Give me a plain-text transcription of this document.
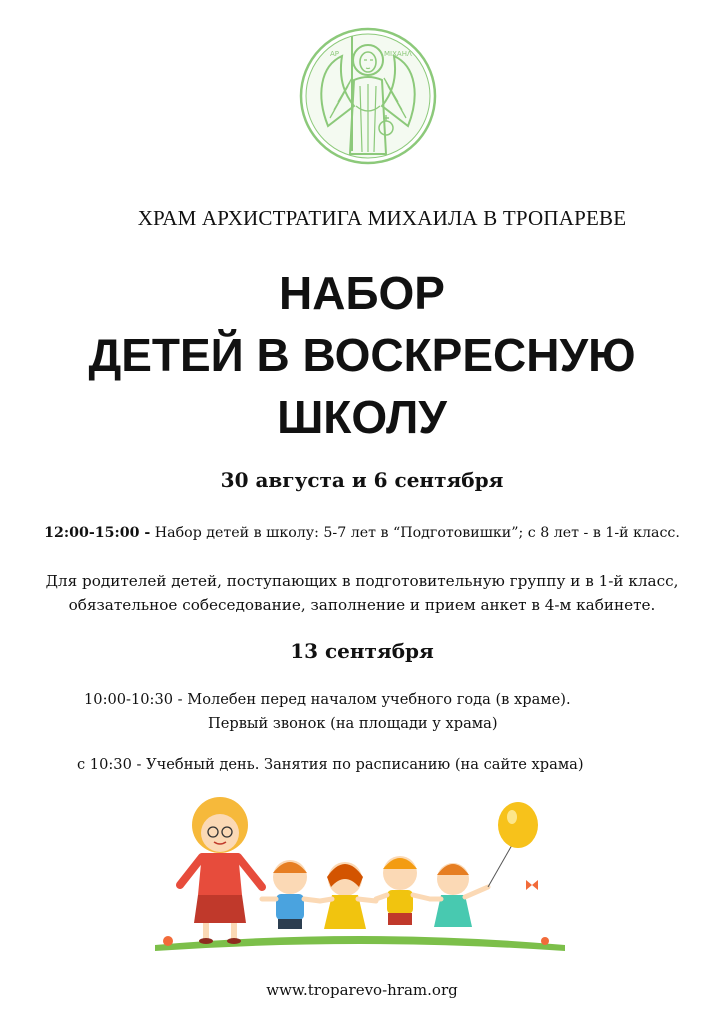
ΑΡ	ΜΙΧΑΗΛ
ХРАМ АРХИСТРАТИГА МИХАИЛА В ТРОПАРЕВЕ
НАБОР
ДЕТЕЙ В ВОСКРЕСНУЮ
ШКОЛУ
30 августа и 6 сентября
12:00-15:00 - Набор детей в школу: 5-7 лет в “Подготовишки”; с 8 лет - в 1-й класс.
Для родителей детей, поступающих в подготовительную группу и в 1-й класс,
обязательное собеседование, заполнение и прием анкет в 4-м кабинете.
13 сентября
10:00-10:30 - Молебен перед началом учебного года (в храме).
Первый звонок (на площади у храма)
с 10:30 - Учебный день. Занятия по расписанию (на сайте храма)
www.troparevo-hram.org
